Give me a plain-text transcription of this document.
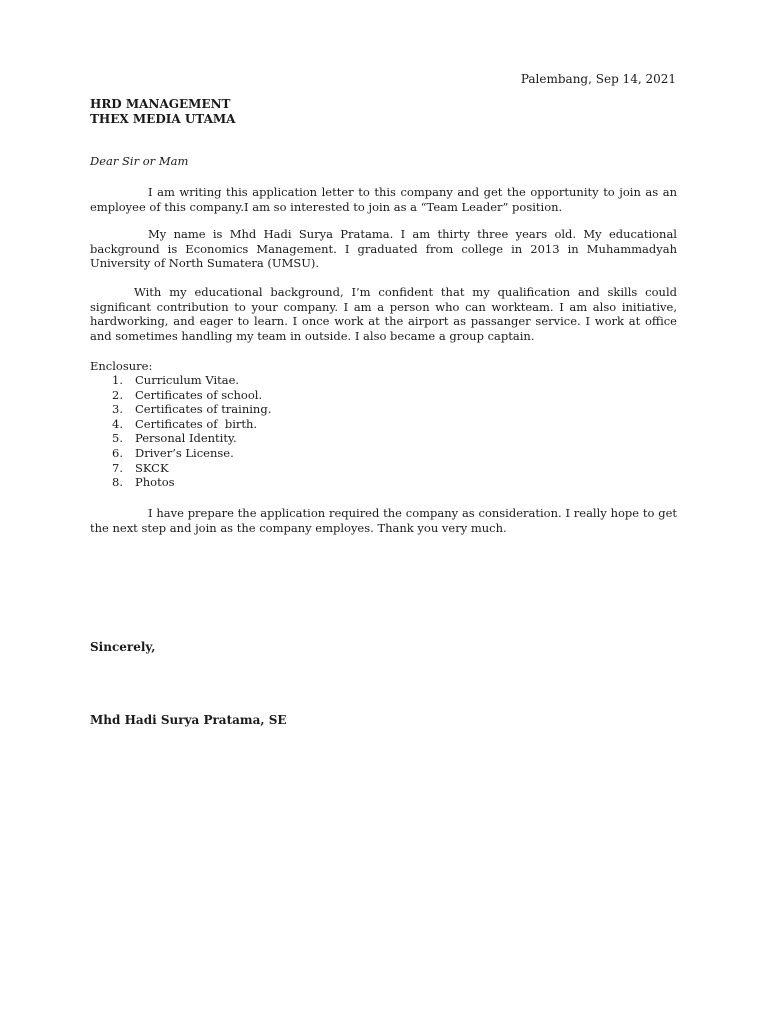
Palembang, Sep 14, 2021
HRD MANAGEMENT
THEX MEDIA UTAMA
Dear Sir or Mam

I am writing this application letter to this company and get the opportunity to join as an employee of this company.I am so interested to join as a “Team Leader” position.

My name is Mhd Hadi Surya Pratama. I am thirty three years old. My educational background is Economics Management. I graduated from college in 2013 in Muhammadyah University of North Sumatera (UMSU).

With my educational background, I’m confident that my qualification and skills could significant contribution to your company. I am a person who can workteam. I am also initiative, hardworking, and eager to learn. I once work at the airport as passanger service. I work at office and sometimes handling my team in outside. I also became a group captain.

Enclosure:
1.	Curriculum Vitae.
2.	Certificates of school.
3.	Certificates of training.
4.	Certificates of  birth.
5.	Personal Identity.
6.	Driver’s License.
7.	SKCK
8.	Photos

I have prepare the application required the company as consideration. I really hope to get the next step and join as the company employes. Thank you very much.

Sincerely,
Mhd Hadi Surya Pratama, SE
